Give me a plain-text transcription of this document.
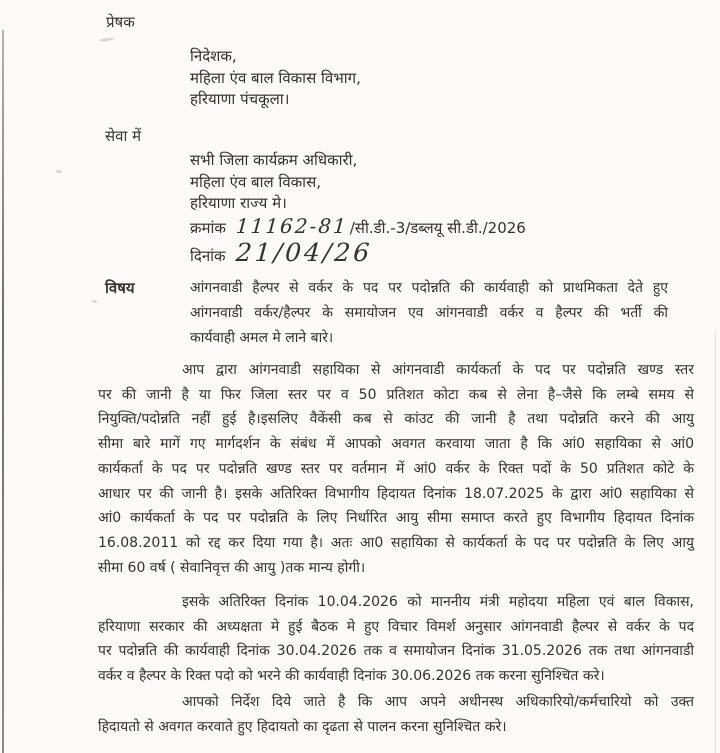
प्रेषक
निदेशक,
महिला एंव बाल विकास विभाग,
हरियाणा पंचकूला।
सेवा में
सभी जिला कार्यक्रम अधिकारी,
महिला एंव बाल विकास,
हरियाणा राज्य मे।
क्रमांक 11162-81 /सी.डी.-3/डब्लयू सी.डी./2026
दिनांक 21/04/26
विषय	आंगनवाडी हैल्पर से वर्कर के पद पर पदोन्नति की कार्यवाही को प्राथमिकता देते हुए
आंगनवाडी वर्कर/हैल्पर के समायोजन एव आंगनवाडी वर्कर व हैल्पर की भर्ती की
कार्यवाही अमल मे लाने बारे।
आप द्वारा आंगनवाडी सहायिका से आंगनवाडी कार्यकर्ता के पद पर पदोन्नति खण्ड स्तर
पर की जानी है या फिर जिला स्तर पर व 50 प्रतिशत कोटा कब से लेना है–जैसे कि लम्बे समय से
नियुक्ति/पदोन्नति नहीं हुई है।इसलिए वैकेंसी कब से कांउट की जानी है तथा पदोन्नति करने की आयु
सीमा बारे मागें गए मार्गदर्शन के संबंध में आपको अवगत करवाया जाता है कि आं0 सहायिका से आं0
कार्यकर्ता के पद पर पदोन्नति खण्ड स्तर पर वर्तमान में आं0 वर्कर के रिक्त पदों के 50 प्रतिशत कोटे के
आधार पर की जानी है। इसके अतिरिक्त विभागीय हिदायत दिनांक 18.07.2025 के द्वारा आं0 सहायिका से
आं0 कार्यकर्ता के पद पर पदोन्नति के लिए निर्धारित आयु सीमा समाप्त करते हुए विभागीय हिदायत दिनांक
16.08.2011 को रद्द कर दिया गया है। अतः आ0 सहायिका से कार्यकर्ता के पद पर पदोन्नति के लिए आयु
सीमा 60 वर्ष ( सेवानिवृत्त की आयु )तक मान्य होगी।
इसके अतिरिक्त दिनांक 10.04.2026 को माननीय मंत्री महोदया महिला एवं बाल विकास,
हरियाणा सरकार की अध्यक्षता मे हुई बैठक मे हुए विचार विमर्श अनुसार आंगनवाडी हैल्पर से वर्कर के पद
पर पदोन्नति की कार्यवाही दिनांक 30.04.2026 तक व समायोजन दिनांक 31.05.2026 तक तथा आंगनवाडी
वर्कर व हैल्पर के रिक्त पदो को भरने की कार्यवाही दिनांक 30.06.2026 तक करना सुनिश्चित करे।
आपको निर्देश दिये जाते है कि आप अपने अधीनस्थ अधिकारियो/कर्मचारियो को उक्त
हिदायतो से अवगत करवाते हुए हिदायतो का दृढता से पालन करना सुनिश्चित करे।
